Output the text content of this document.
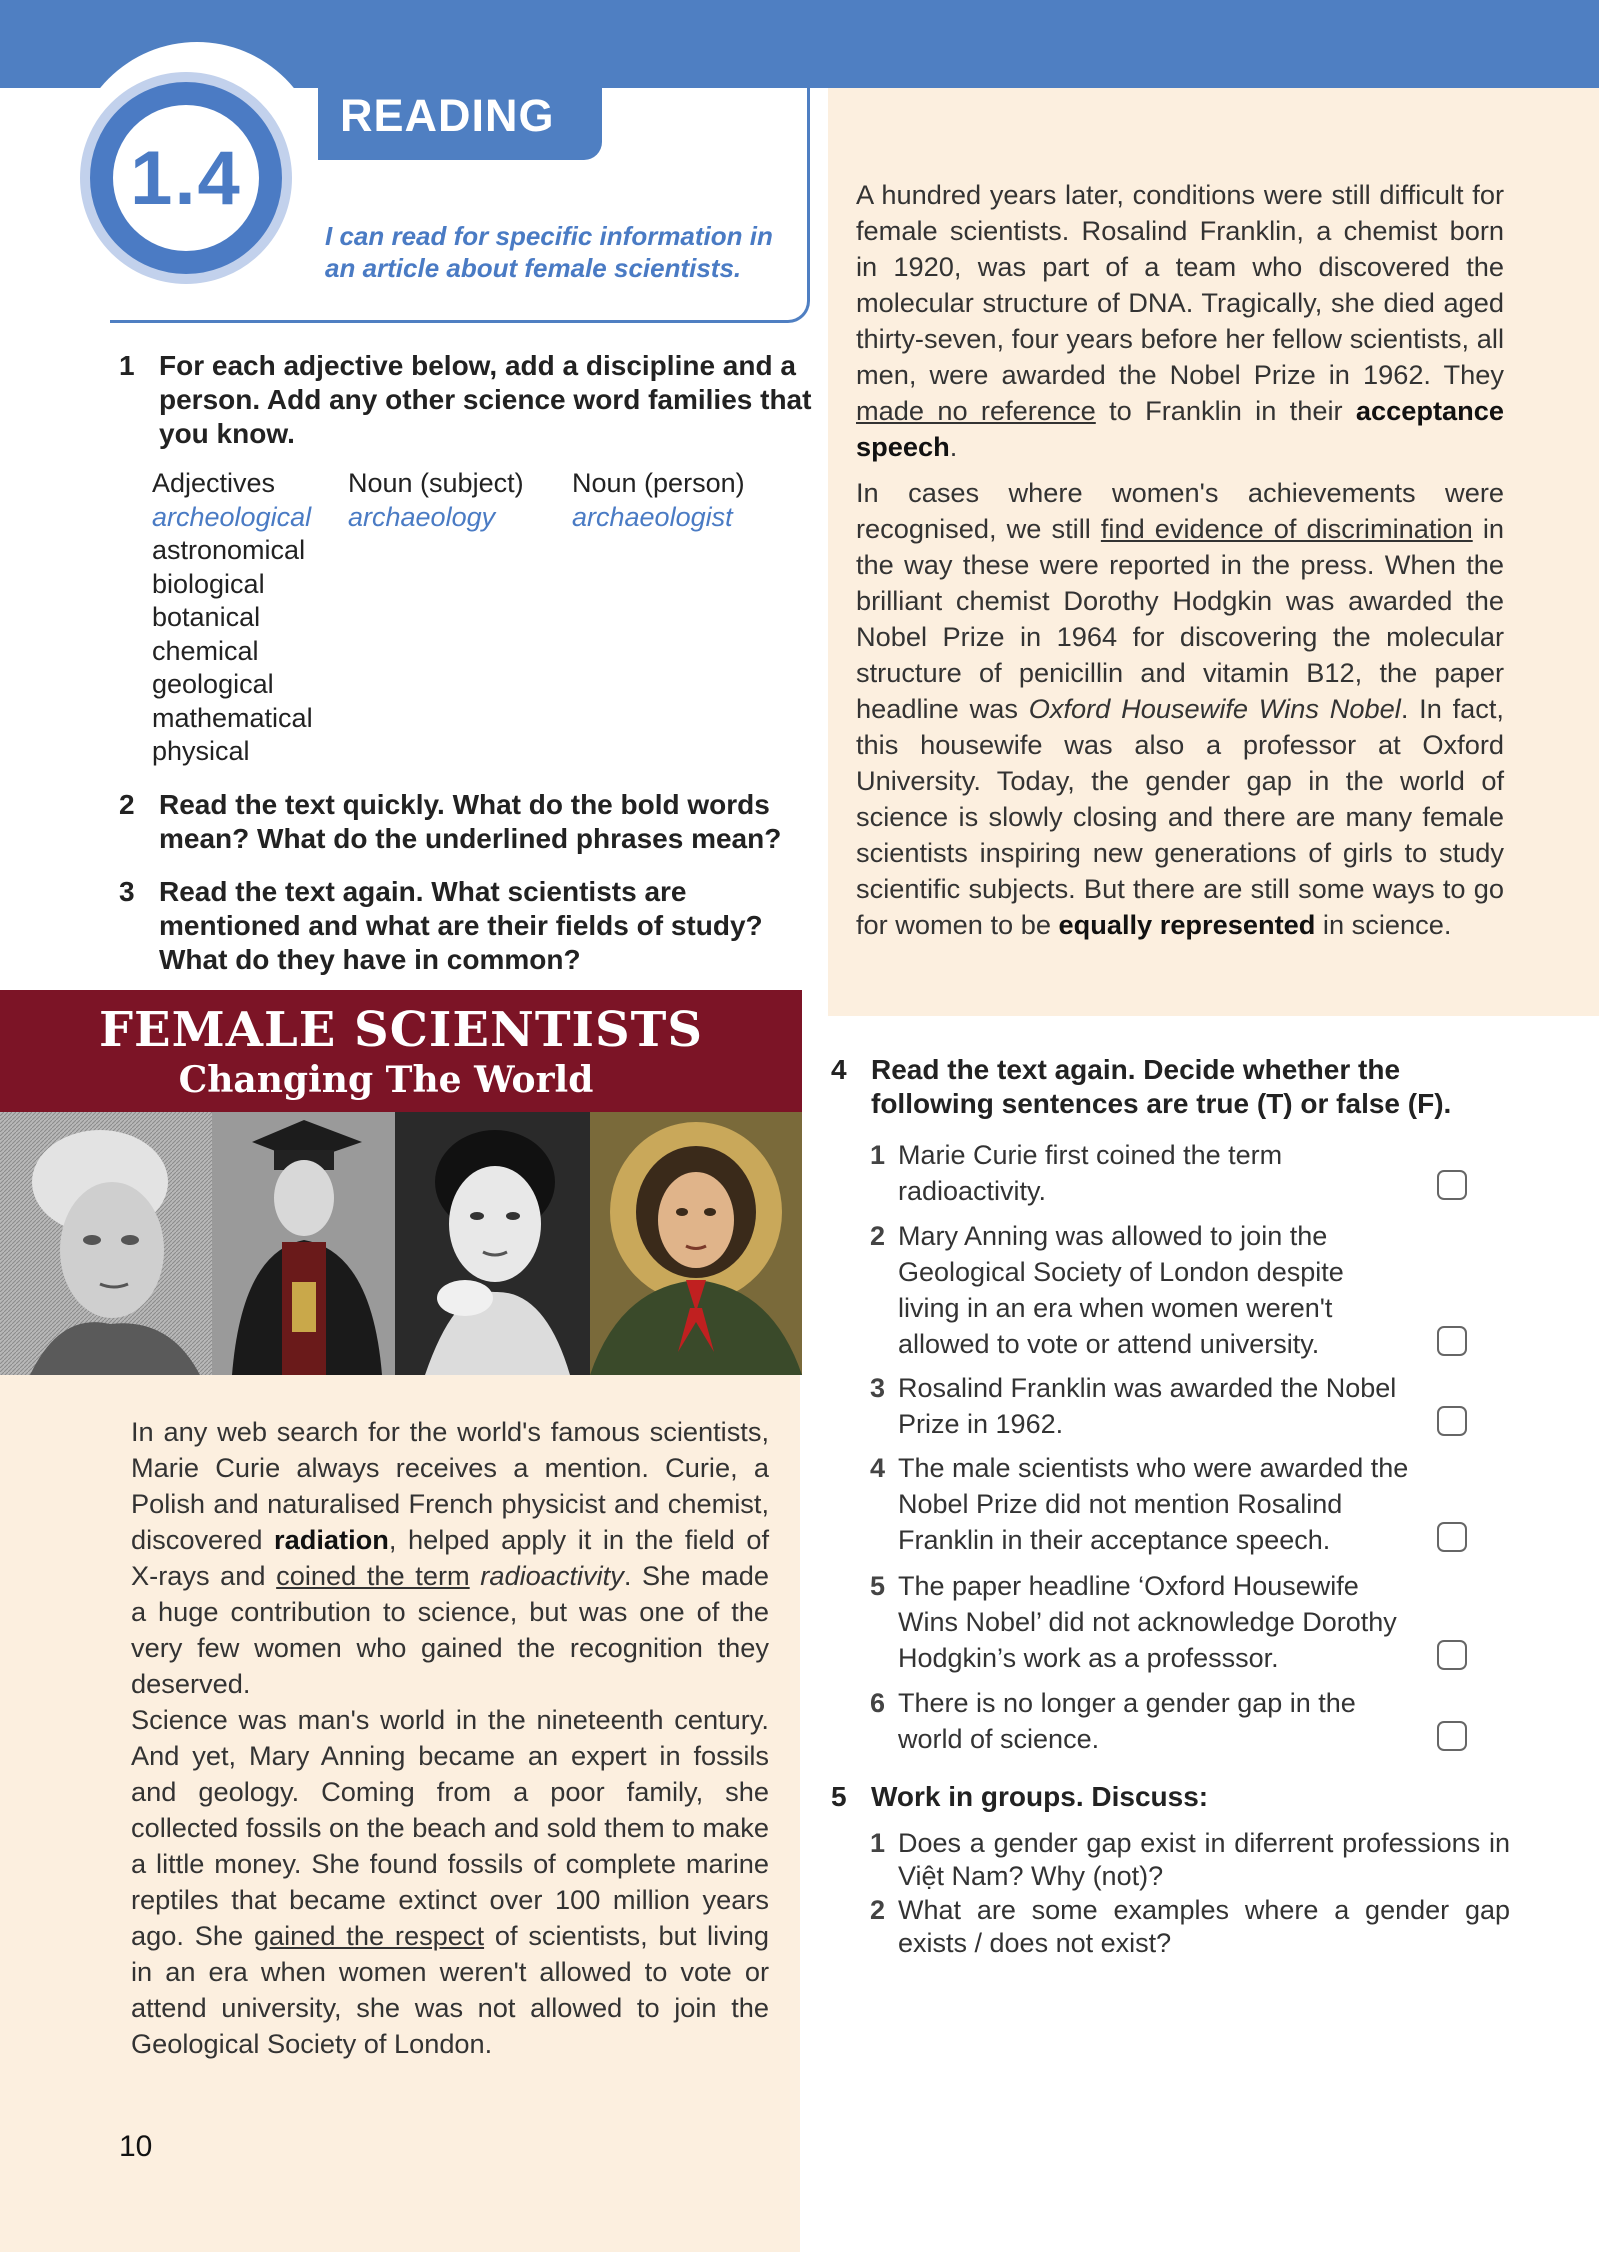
1.4
READING
I can read for specific information in
an article about female scientists.
1 For each adjective below, add a discipline and a
person. Add any other science word families that
you know.
Adjectives
archeological
astronomical
biological
botanical
chemical
geological
mathematical
physical
Noun (subject)
archaeology
Noun (person)
archaeologist
2 Read the text quickly. What do the bold words
mean? What do the underlined phrases mean?
3 Read the text again. What scientists are
mentioned and what are their fields of study?
What do they have in common?
FEMALE SCIENTISTS
Changing The World

In any web search for the world's famous scientists, Marie Curie always receives a mention. Curie, a Polish and naturalised French physicist and chemist, discovered radiation, helped apply it in the field of X-rays and coined the term radioactivity. She made a huge contribution to science, but was one of the very few women who gained the recognition they deserved.

Science was man's world in the nineteenth century. And yet, Mary Anning became an expert in fossils and geology. Coming from a poor family, she collected fossils on the beach and sold them to make a little money. She found fossils of complete marine reptiles that became extinct over 100 million years ago. She gained the respect of scientists, but living in an era when women weren't allowed to vote or attend university, she was not allowed to join the Geological Society of London.

A hundred years later, conditions were still difficult for female scientists. Rosalind Franklin, a chemist born in 1920, was part of a team who discovered the molecular structure of DNA. Tragically, she died aged thirty-seven, four years before her fellow scientists, all men, were awarded the Nobel Prize in 1962. They made no reference to Franklin in their acceptance speech.

In cases where women's achievements were recognised, we still find evidence of discrimination in the way these were reported in the press. When the brilliant chemist Dorothy Hodgkin was awarded the Nobel Prize in 1964 for discovering the molecular structure of penicillin and vitamin B12, the paper headline was Oxford Housewife Wins Nobel. In fact, this housewife was also a professor at Oxford University. Today, the gender gap in the world of science is slowly closing and there are many female scientists inspiring new generations of girls to study scientific subjects. But there are still some ways to go for women to be equally represented in science.

4 Read the text again. Decide whether the
following sentences are true (T) or false (F).
1 Marie Curie first coined the term radioactivity.
2 Mary Anning was allowed to join the Geological Society of London despite living in an era when women weren't allowed to vote or attend university.
3 Rosalind Franklin was awarded the Nobel Prize in 1962.
4 The male scientists who were awarded the Nobel Prize did not mention Rosalind Franklin in their acceptance speech.
5 The paper headline ‘Oxford Housewife Wins Nobel’ did not acknowledge Dorothy Hodgkin’s work as a professsor.
6 There is no longer a gender gap in the world of science.
5 Work in groups. Discuss:
1 Does a gender gap exist in diferrent professions in Việt Nam? Why (not)?
2 What are some examples where a gender gap exists / does not exist?
10
